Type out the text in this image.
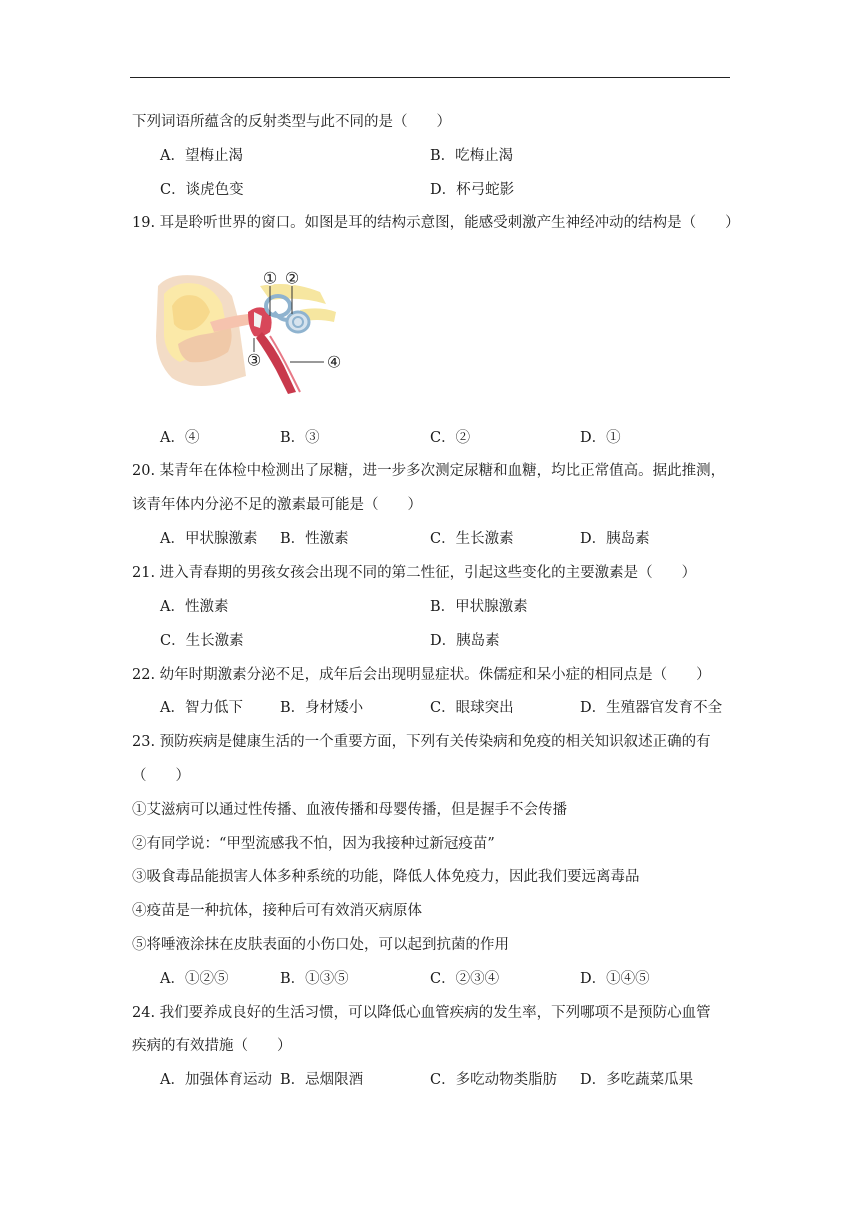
下列词语所蕴含的反射类型与此不同的是（　　）
A．望梅止渴	B．吃梅止渴
C．谈虎色变	D．杯弓蛇影
19. 耳是聆听世界的窗口。如图是耳的结构示意图，能感受刺激产生神经冲动的结构是（　　）
① ②
③	④
A．④	B．③	C．②	D．①
20. 某青年在体检中检测出了尿糖，进一步多次测定尿糖和血糖，均比正常值高。据此推测，
该青年体内分泌不足的激素最可能是（　　）
A．甲状腺激素 B．性激素	C．生长激素	D．胰岛素
21. 进入青春期的男孩女孩会出现不同的第二性征，引起这些变化的主要激素是（　　）
A．性激素	B．甲状腺激素
C．生长激素	D．胰岛素
22. 幼年时期激素分泌不足，成年后会出现明显症状。侏儒症和呆小症的相同点是（　　）
A．智力低下	B．身材矮小	C．眼球突出	D．生殖器官发育不全
23. 预防疾病是健康生活的一个重要方面，下列有关传染病和免疫的相关知识叙述正确的有
（　　）
①艾滋病可以通过性传播、血液传播和母婴传播，但是握手不会传播
②有同学说：“甲型流感我不怕，因为我接种过新冠疫苗”
③吸食毒品能损害人体多种系统的功能，降低人体免疫力，因此我们要远离毒品
④疫苗是一种抗体，接种后可有效消灭病原体
⑤将唾液涂抹在皮肤表面的小伤口处，可以起到抗菌的作用
A．①②⑤	B．①③⑤	C．②③④	D．①④⑤
24. 我们要养成良好的生活习惯，可以降低心血管疾病的发生率，下列哪项不是预防心血管
疾病的有效措施（　　）
A．加强体育运动 B．忌烟限酒	C．多吃动物类脂肪 D．多吃蔬菜瓜果
